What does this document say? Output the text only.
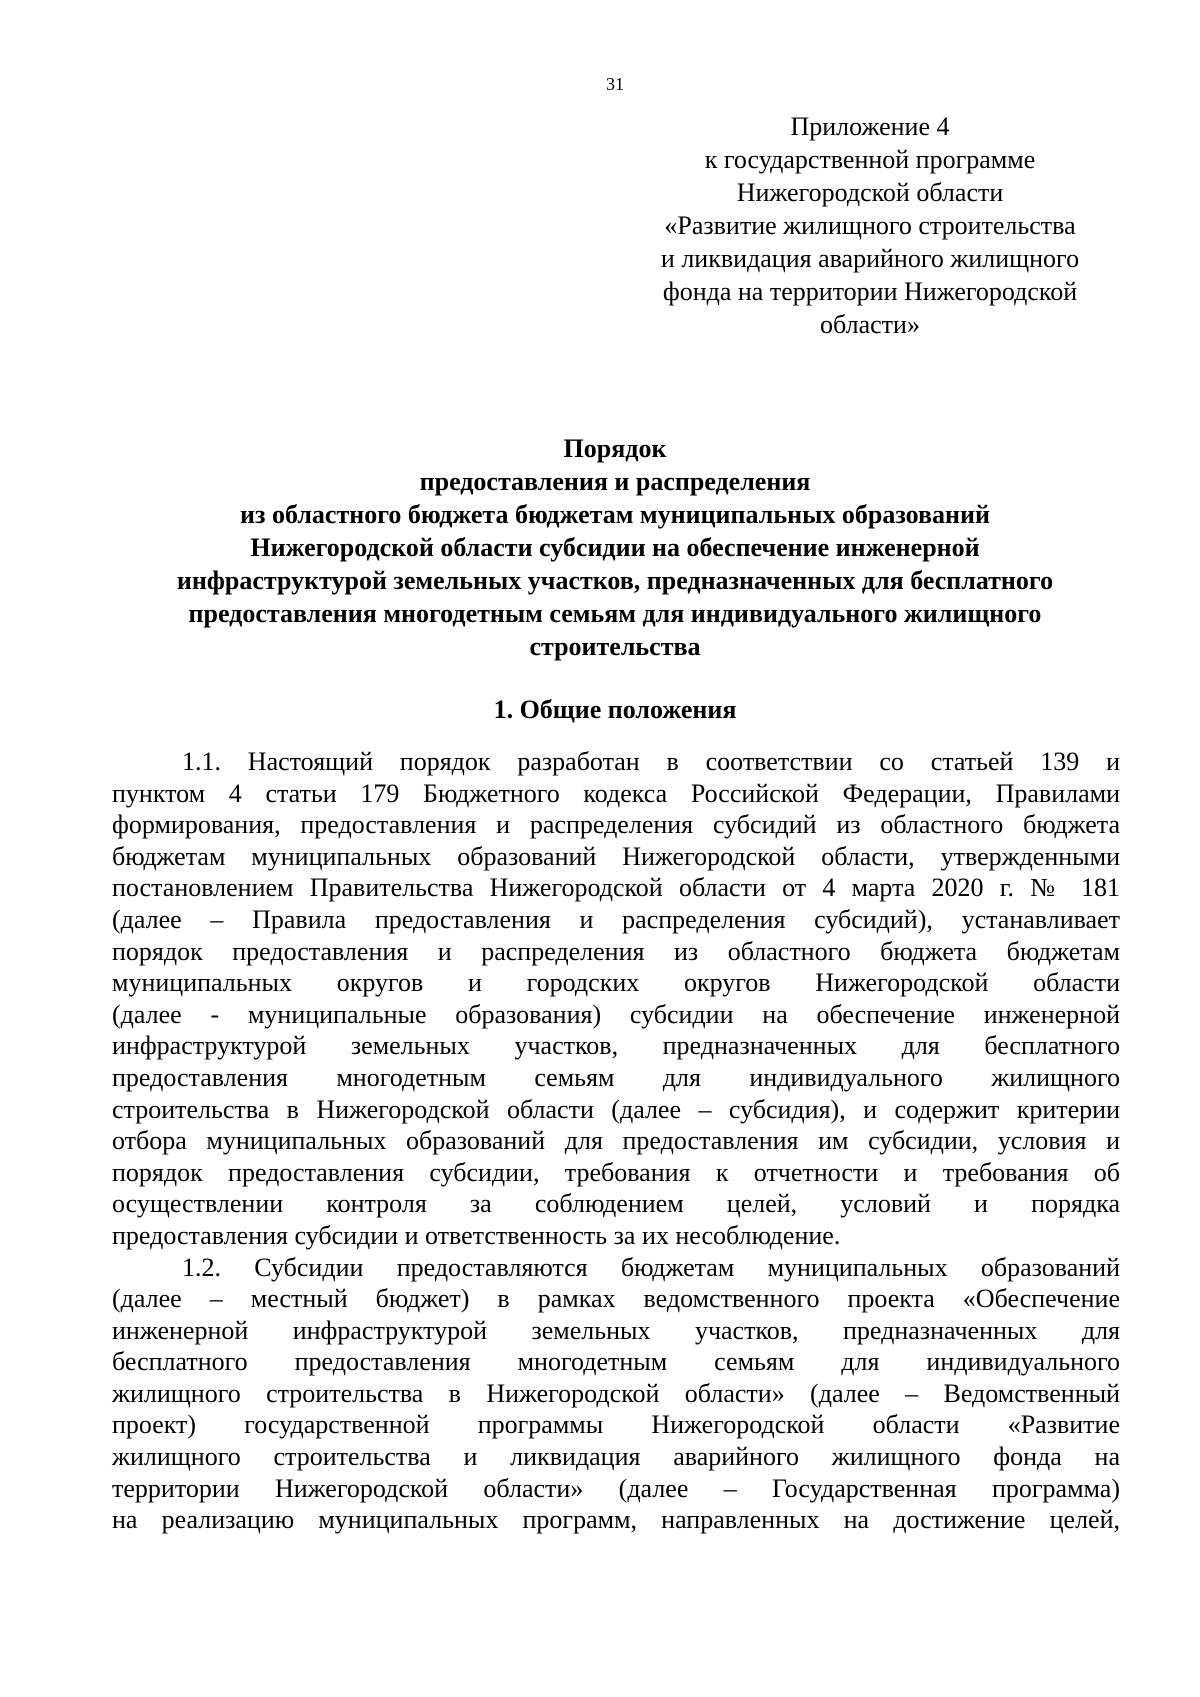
31
Приложение 4
к государственной программе
Нижегородской области
«Развитие жилищного строительства
и ликвидация аварийного жилищного
фонда на территории Нижегородской
области»
Порядок
предоставления и распределения
из областного бюджета бюджетам муниципальных образований
Нижегородской области субсидии на обеспечение инженерной
инфраструктурой земельных участков, предназначенных для бесплатного
предоставления многодетным семьям для индивидуального жилищного
строительства
1. Общие положения
1.1. Настоящий порядок разработан в соответствии со статьей 139 и
пунктом 4 статьи 179 Бюджетного кодекса Российской Федерации, Правилами
формирования, предоставления и распределения субсидий из областного бюджета
бюджетам муниципальных образований Нижегородской области, утвержденными
постановлением Правительства Нижегородской области от 4 марта 2020 г. № 181
(далее – Правила предоставления и распределения субсидий), устанавливает
порядок предоставления и распределения из областного бюджета бюджетам
муниципальных округов и городских округов Нижегородской области
(далее - муниципальные образования) субсидии на обеспечение инженерной
инфраструктурой земельных участков, предназначенных для бесплатного
предоставления многодетным семьям для индивидуального жилищного
строительства в Нижегородской области (далее – субсидия), и содержит критерии
отбора муниципальных образований для предоставления им субсидии, условия и
порядок предоставления субсидии, требования к отчетности и требования об
осуществлении контроля за соблюдением целей, условий и порядка
предоставления субсидии и ответственность за их несоблюдение.
1.2. Субсидии предоставляются бюджетам муниципальных образований
(далее – местный бюджет) в рамках ведомственного проекта «Обеспечение
инженерной инфраструктурой земельных участков, предназначенных для
бесплатного предоставления многодетным семьям для индивидуального
жилищного строительства в Нижегородской области» (далее – Ведомственный
проект) государственной программы Нижегородской области «Развитие
жилищного строительства и ликвидация аварийного жилищного фонда на
территории Нижегородской области» (далее – Государственная программа)
на реализацию муниципальных программ, направленных на достижение целей,
